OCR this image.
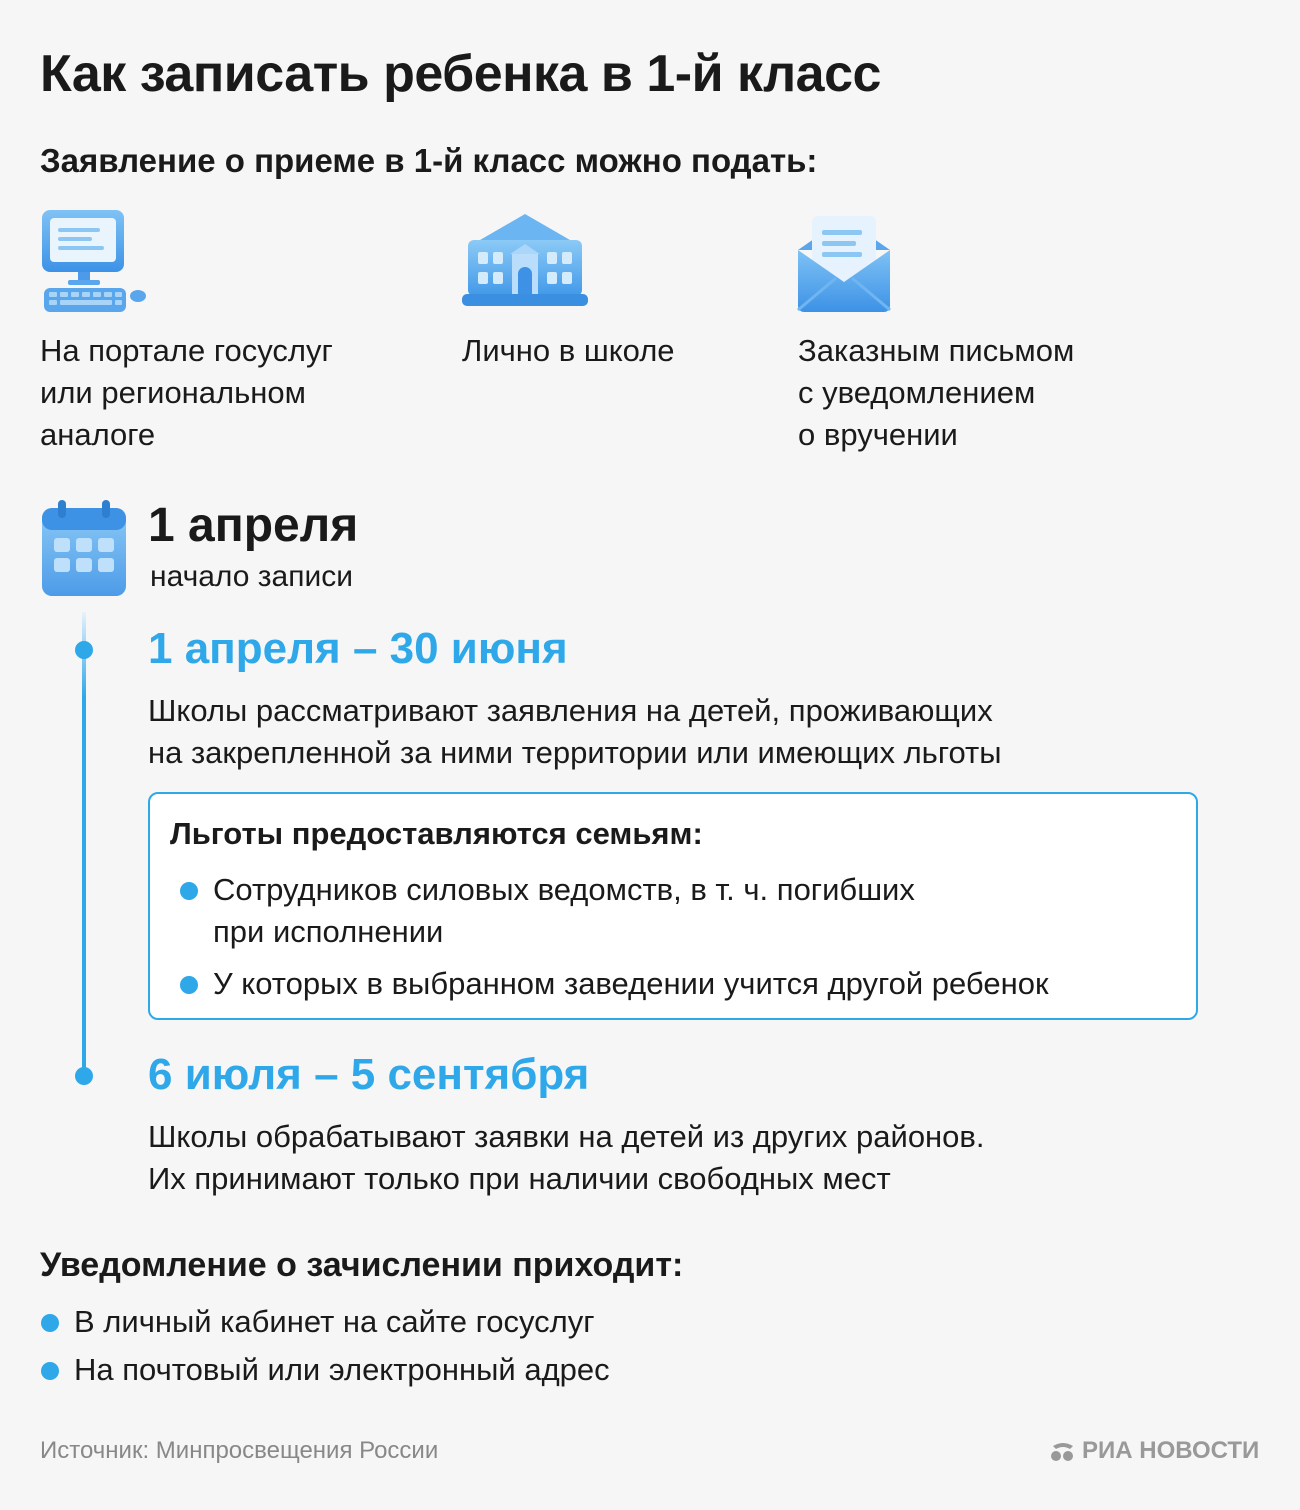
Как записать ребенка в 1-й класс
Заявление о приеме в 1-й класс можно подать:
На портале госуслуг
или региональном
аналоге
Лично в школе	Заказным письмом
с уведомлением
о вручении
1 апреля
начало записи
1 апреля – 30 июня
Школы рассматривают заявления на детей, проживающих
на закрепленной за ними территории или имеющих льготы
Льготы предоставляются семьям:
Сотрудников силовых ведомств, в т. ч. погибших
при исполнении
У которых в выбранном заведении учится другой ребенок
6 июля – 5 сентября
Школы обрабатывают заявки на детей из других районов.
Их принимают только при наличии свободных мест
Уведомление о зачислении приходит:
В личный кабинет на сайте госуслуг
На почтовый или электронный адрес
Источник: Минпросвещения России	РИА НОВОСТИ
